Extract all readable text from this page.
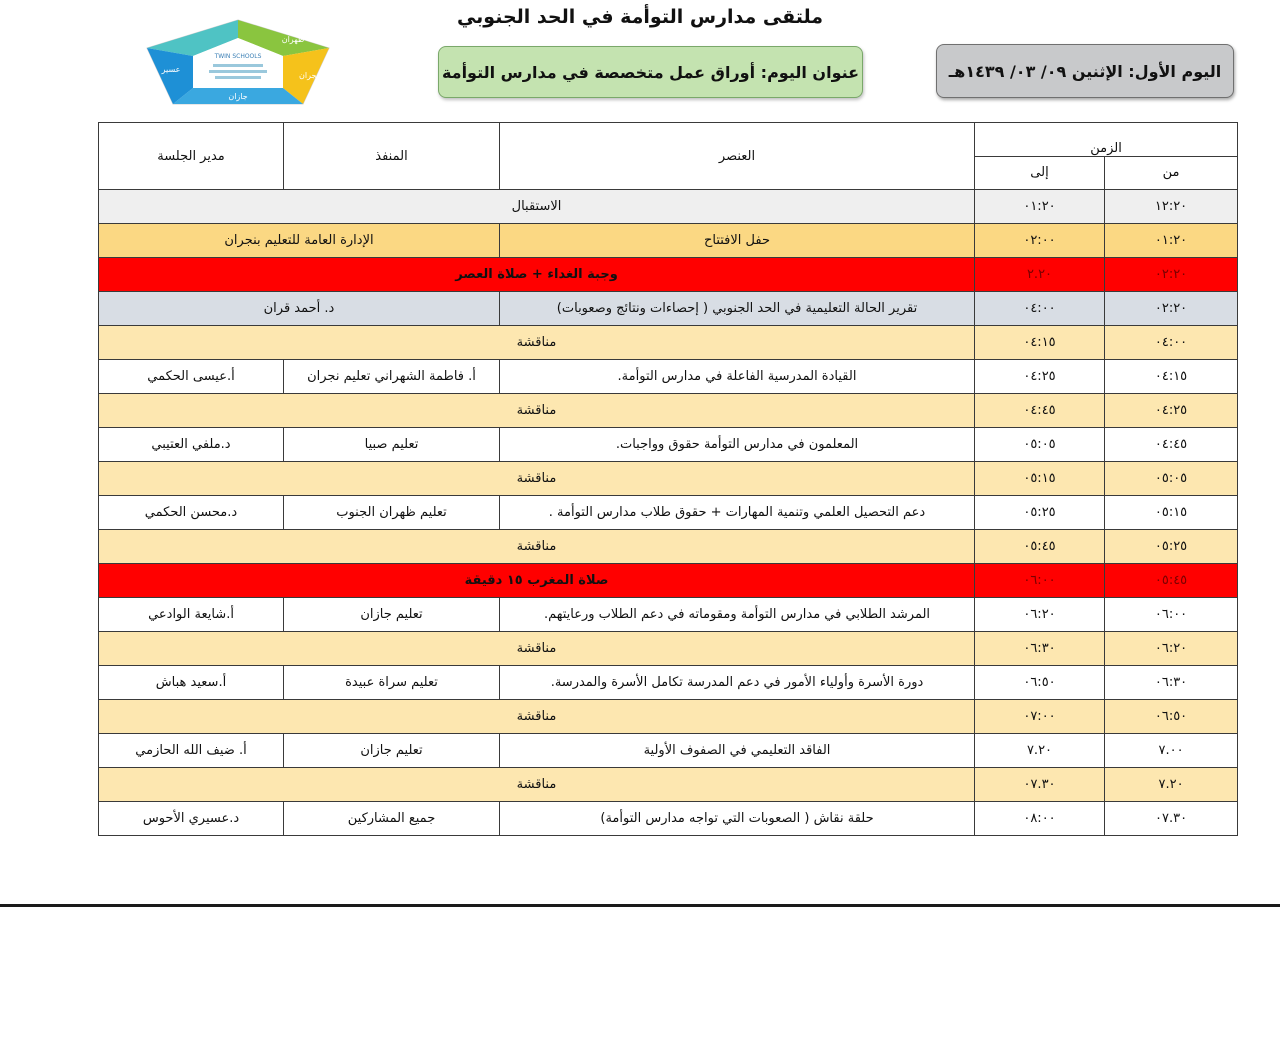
ملتقى مدارس التوأمة في الحد الجنوبي
اليوم الأول: الإثنين ٠٩/ ٠٣/ ١٤٣٩هـ
عنوان اليوم: أوراق عمل متخصصة في مدارس التوأمة
TWIN SCHOOLS
نجران
جازان
عسير
ظهران
الزمن		العنصر	المنفذ	مدير الجلسة
من	إلى			
١٢:٢٠	٠١:٢٠	الاستقبال		
٠١:٢٠	٠٢:٠٠	حفل الافتتاح	الإدارة العامة للتعليم بنجران	
٠٢:٢٠	٢.٢٠	وجبة الغداء + صلاة العصر		
٠٢:٢٠	٠٤:٠٠	تقرير الحالة التعليمية في الحد الجنوبي ( إحصاءات ونتائج وصعوبات)	د. أحمد قران	
٠٤:٠٠	٠٤:١٥	مناقشة		
٠٤:١٥	٠٤:٢٥	القيادة المدرسية الفاعلة في مدارس التوأمة.	أ. فاطمة الشهراني تعليم نجران	أ.عيسى الحكمي
٠٤:٢٥	٠٤:٤٥	مناقشة		
٠٤:٤٥	٠٥:٠٥	المعلمون في مدارس التوأمة حقوق وواجبات.	تعليم صبيا	د.ملفي العتيبي
٠٥:٠٥	٠٥:١٥	مناقشة		
٠٥:١٥	٠٥:٢٥	دعم التحصيل العلمي وتنمية المهارات + حقوق طلاب مدارس التوأمة .	تعليم ظهران الجنوب	د.محسن الحكمي
٠٥:٢٥	٠٥:٤٥	مناقشة		
٠٥:٤٥	٠٦:٠٠	صلاة المغرب ١٥ دقيقة		
٠٦:٠٠	٠٦:٢٠	المرشد الطلابي في مدارس التوأمة ومقوماته في دعم الطلاب ورعايتهم.	تعليم جازان	أ.شايعة الوادعي
٠٦:٢٠	٠٦:٣٠	مناقشة		
٠٦:٣٠	٠٦:٥٠	دورة الأسرة وأولياء الأمور في دعم المدرسة تكامل الأسرة والمدرسة.	تعليم سراة عبيدة	أ.سعيد هباش
٠٦:٥٠	٠٧:٠٠	مناقشة		
٧.٠٠	٧.٢٠	الفاقد التعليمي في الصفوف الأولية	تعليم جازان	أ. ضيف الله الحازمي
٧.٢٠	٠٧.٣٠	مناقشة		
٠٧.٣٠	٠٨:٠٠	حلقة نقاش ( الصعوبات التي تواجه مدارس التوأمة)	جميع المشاركين	د.عسيري الأحوس
